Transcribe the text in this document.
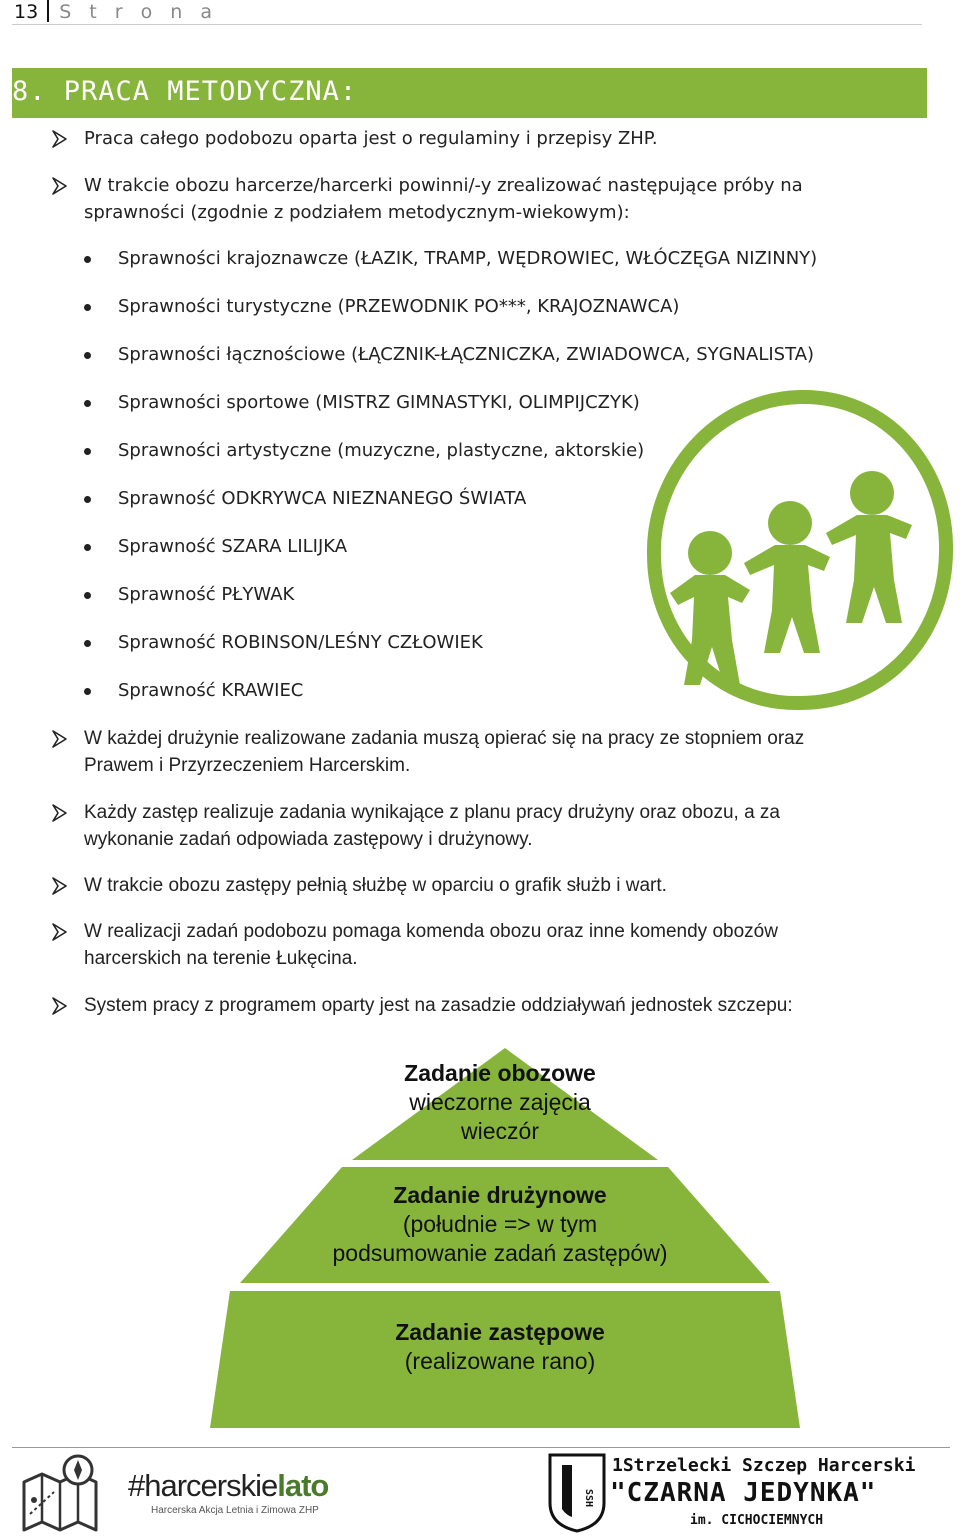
13 S t r o n a
8. PRACA METODYCZNA:
Praca całego podobozu oparta jest o regulaminy i przepisy ZHP.
W trakcie obozu harcerze/harcerki powinni/-y zrealizować następujące próby na sprawności (zgodnie z podziałem metodycznym-wiekowym):
Sprawności krajoznawcze (ŁAZIK, TRAMP, WĘDROWIEC, WŁÓCZĘGA NIZINNY)
Sprawności turystyczne (PRZEWODNIK PO***, KRAJOZNAWCA)
Sprawności łącznościowe (ŁĄCZNIK-ŁĄCZNICZKA, ZWIADOWCA, SYGNALISTA)
Sprawności sportowe (MISTRZ GIMNASTYKI, OLIMPIJCZYK)
Sprawności artystyczne (muzyczne, plastyczne, aktorskie)
Sprawność ODKRYWCA NIEZNANEGO ŚWIATA
Sprawność SZARA LILIJKA
Sprawność PŁYWAK
Sprawność ROBINSON/LEŚNY CZŁOWIEK
Sprawność KRAWIEC
W każdej drużynie realizowane zadania muszą opierać się na pracy ze stopniem oraz Prawem i Przyrzeczeniem Harcerskim.
Każdy zastęp realizuje zadania wynikające z planu pracy drużyny oraz obozu, a za wykonanie zadań odpowiada zastępowy i drużynowy.
W trakcie obozu zastępy pełnią służbę w oparciu o grafik służb i wart.
W realizacji zadań podobozu pomaga komenda obozu oraz inne komendy obozów harcerskich na terenie Łukęcina.
System pracy z programem oparty jest na zasadzie oddziaływań jednostek szczepu:
Zadanie obozowe
wieczorne zajęcia
wieczór
Zadanie drużynowe
(południe => w tym
podsumowanie zadań zastępów)
Zadanie zastępowe
(realizowane rano)
#harcerskielato
Harcerska Akcja Letnia i Zimowa ZHP
SSH
1Strzelecki Szczep Harcerski
"CZARNA JEDYNKA"
im. CICHOCIEMNYCH
